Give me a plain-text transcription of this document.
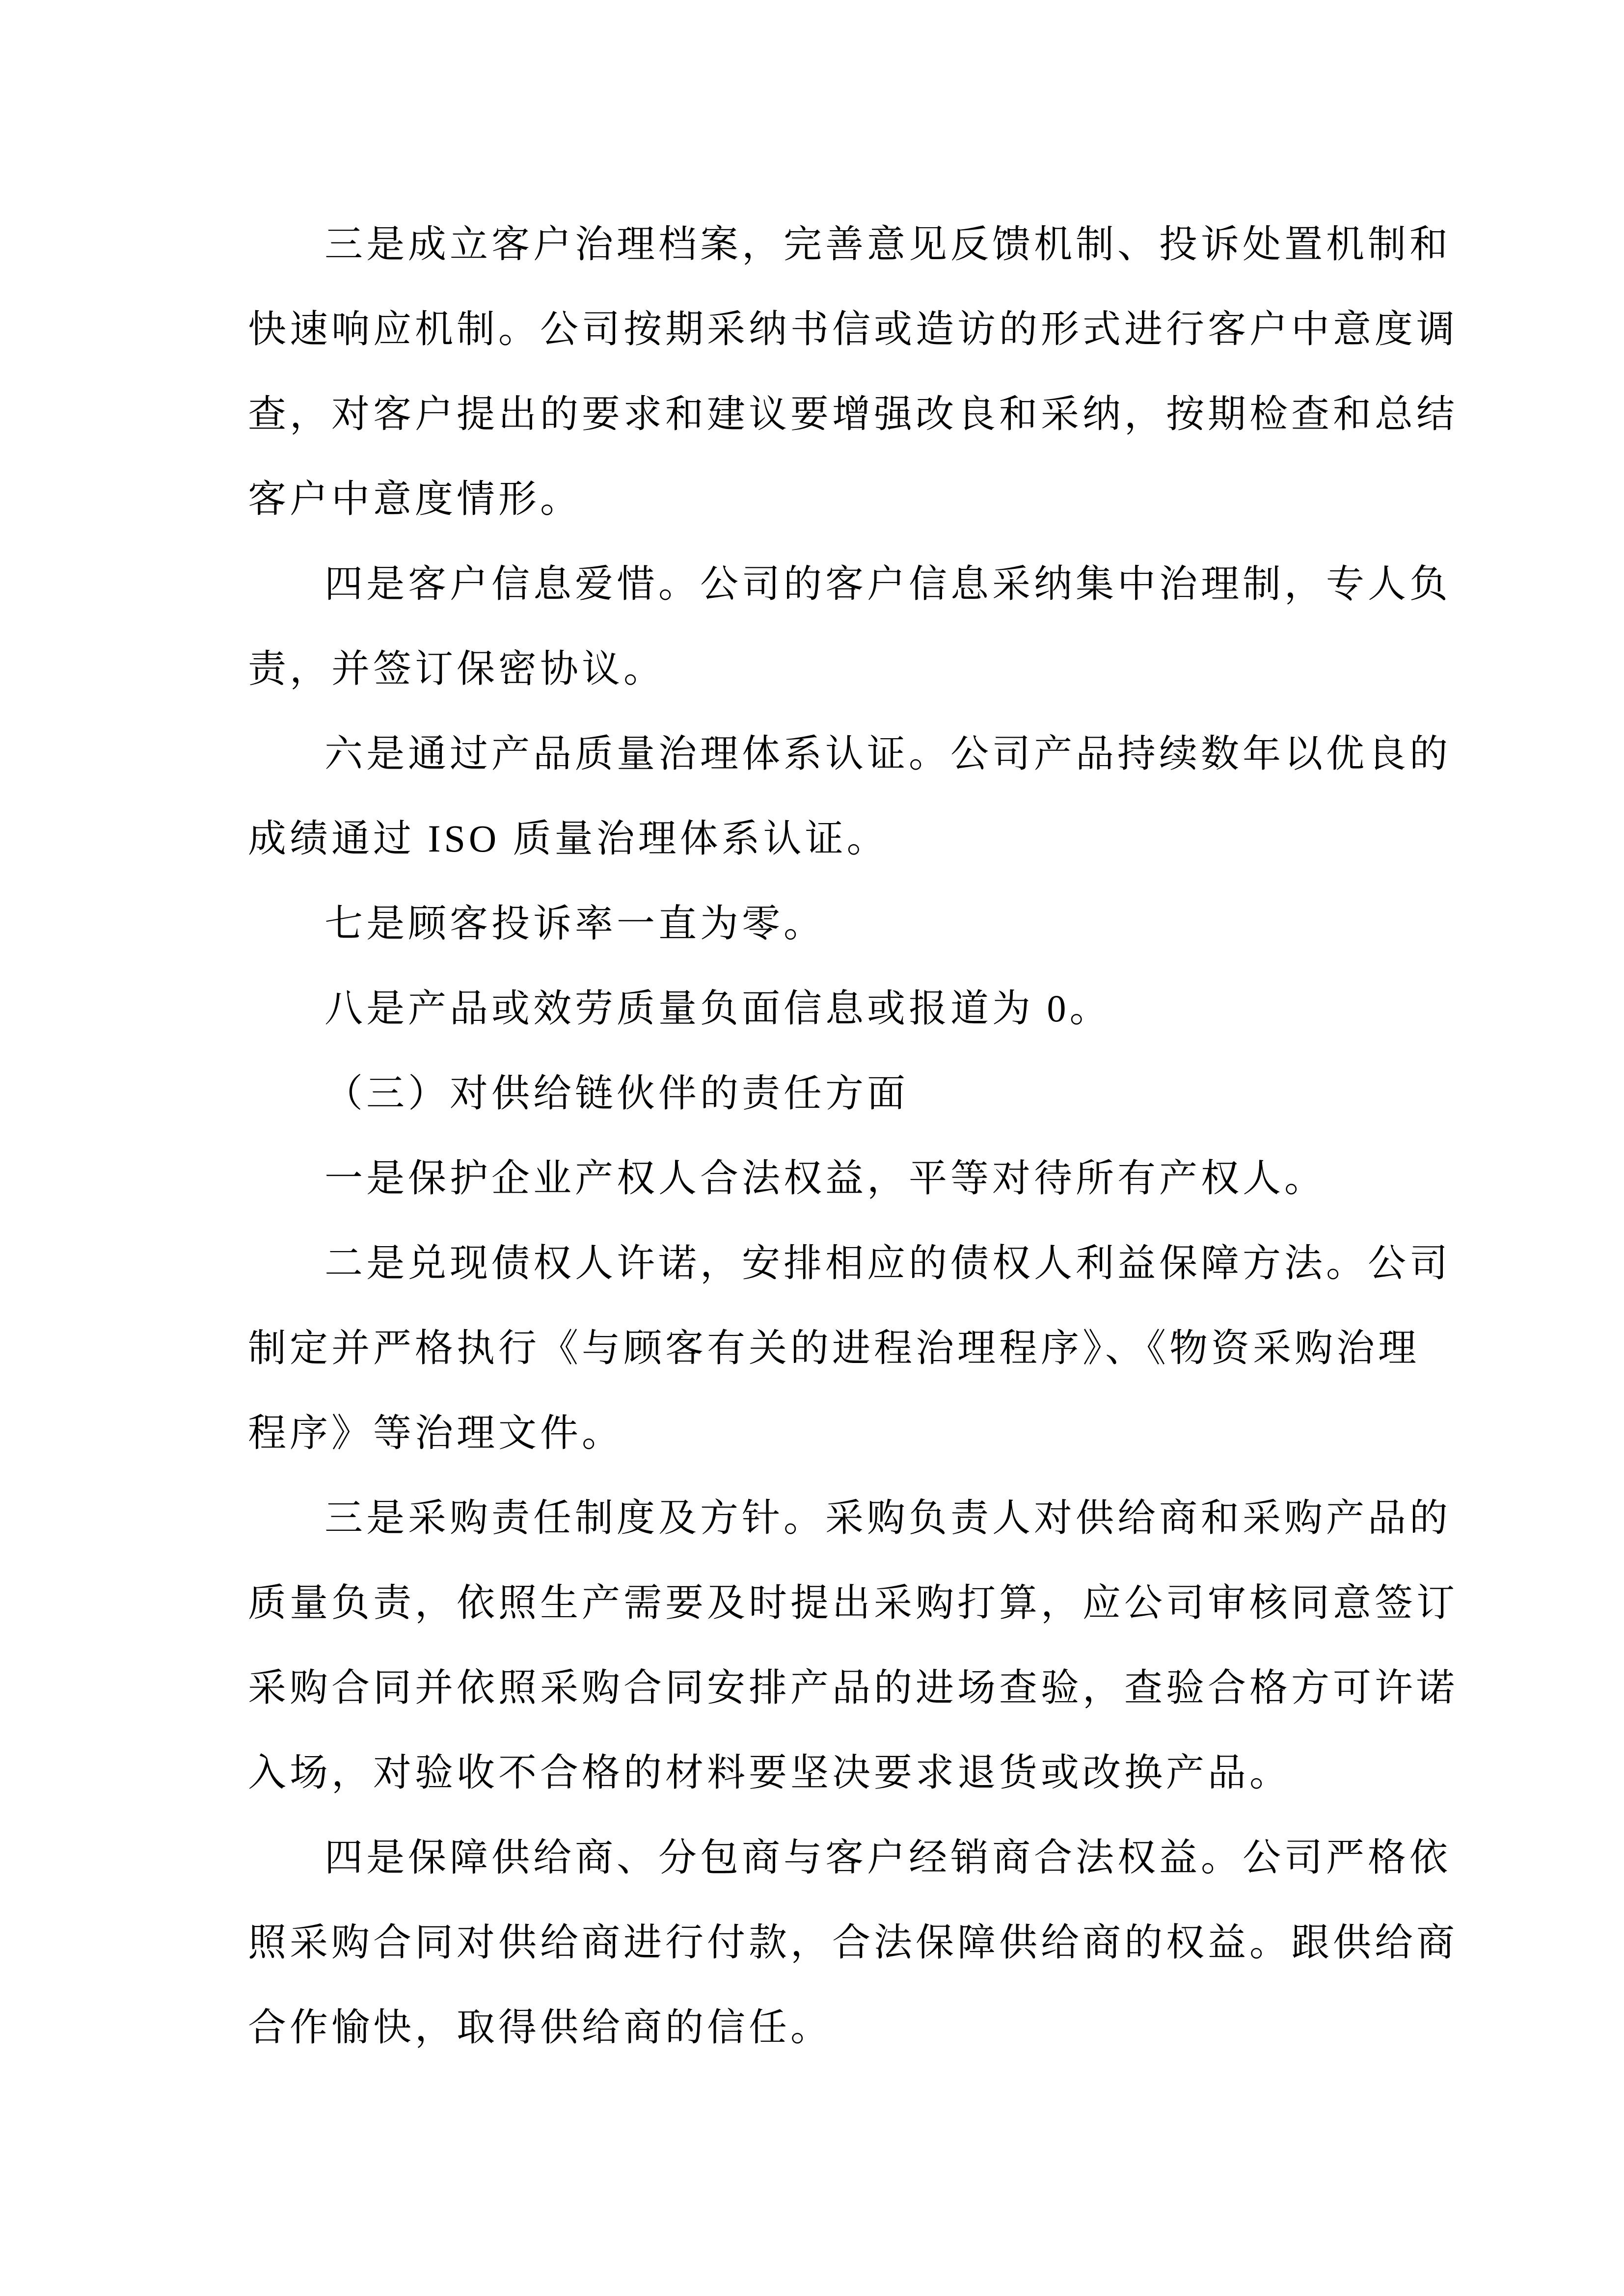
三是成立客户治理档案，完善意见反馈机制、投诉处置机制和
快速响应机制。公司按期采纳书信或造访的形式进行客户中意度调
查，对客户提出的要求和建议要增强改良和采纳，按期检查和总结
客户中意度情形。
四是客户信息爱惜。公司的客户信息采纳集中治理制，专人负
责，并签订保密协议。
六是通过产品质量治理体系认证。公司产品持续数年以优良的
成绩通过 ISO 质量治理体系认证。
七是顾客投诉率一直为零。
八是产品或效劳质量负面信息或报道为 0。
（三）对供给链伙伴的责任方面
一是保护企业产权人合法权益，平等对待所有产权人。
二是兑现债权人许诺，安排相应的债权人利益保障方法。公司
制定并严格执行《与顾客有关的进程治理程序》、《物资采购治理
程序》等治理文件。
三是采购责任制度及方针。采购负责人对供给商和采购产品的
质量负责，依照生产需要及时提出采购打算，应公司审核同意签订
采购合同并依照采购合同安排产品的进场查验，查验合格方可许诺
入场，对验收不合格的材料要坚决要求退货或改换产品。
四是保障供给商、分包商与客户经销商合法权益。公司严格依
照采购合同对供给商进行付款，合法保障供给商的权益。跟供给商
合作愉快，取得供给商的信任。
